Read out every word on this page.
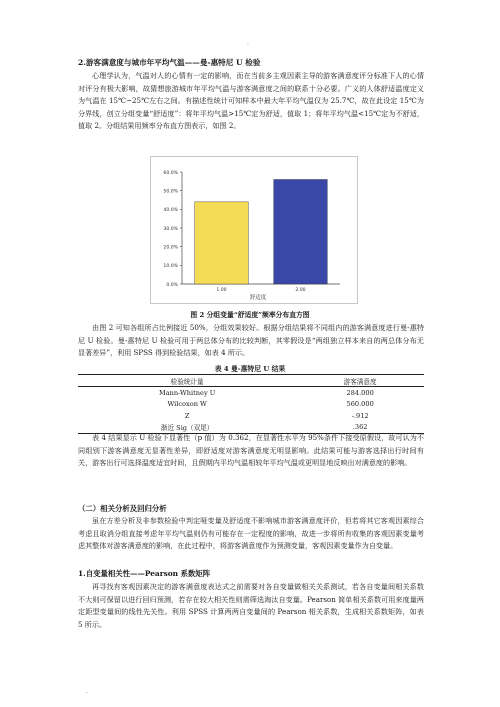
.
2.游客满意度与城市年平均气温——曼-惠特尼 U 检验

心理学认为，气温对人的心情有一定的影响，而在当前多主观因素主导的游客满意度评分标准下人的心情对评分有极大影响，故猜想旅游城市年平均气温与游客满意度之间的联系十分必要。广义的人体舒适温度定义为气温在 15℃~25℃左右之间。有描述性统计可知样本中最大年平均气温仅为 25.7℃，故在此设定 15℃为分界线，创立分组变量“舒适度”：将年平均气温>15℃定为舒适，值取 1；将年平均气温<15℃定为不舒适，值取 2。分组结果用频率分布直方图表示，如图 2。

0.0%
10.0%
20.0%
30.0%
40.0%
50.0%
60.0%
1.00	2.00
舒适度
图 2 分组变量“舒适度”频率分布直方图

由图 2 可知各组所占比例接近 50%，分组效果较好。根据分组结果将不同组内的游客满意度进行曼-惠特尼 U 检验。曼-惠特尼 U 检验可用于两总体分布的比较判断，其零假设是“两组独立样本来自的两总体分布无显著差异”，利用 SPSS 得到检验结果，如表 4 所示。

表 4 曼-惠特尼 U 结果
检验统计量	游客满意度
Mann-Whitney U	284.000
Wilcoxon W	560.000
Z	-.912
渐近 Sig（双尾）	.362

表 4 结果显示 U 检验下显著性（p 值）为 0.362，在显著性水平为 95%条件下接受原假设，故可认为不同组别下游客满意度无显著性差异，即舒适度对游客满意度无明显影响。此结果可能与游客选择出行时间有关，游客出行可选择温度适宜时间，且假期内平均气温相较年平均气温或更明显地反映出对满意度的影响。

（二）相关分析及回归分析

虽在方差分析及非参数检验中判定哑变量及舒适度不影响城市游客满意度评价，但若将其它客观因素综合考虑且取消分组直接考虑年平均气温则仍有可能存在一定程度的影响，故进一步将所有收集的客观因素变量考虑其整体对游客满意度的影响，在此过程中，将游客满意度作为预测变量，客观因素变量作为自变量。

1.自变量相关性——Pearson 系数矩阵

再寻找有客观因素决定的游客满意度表达式之前需要对各自变量做相关关系测试，若各自变量间相关系数不大则可保留以进行回归预测，若存在较大相关性则需筛选淘汰自变量。Pearson 简单相关系数可用来度量两定距型变量间的线性先关性。利用 SPSS 计算两两自变量间的 Pearson 相关系数，生成相关系数矩阵，如表 5 所示。

.
